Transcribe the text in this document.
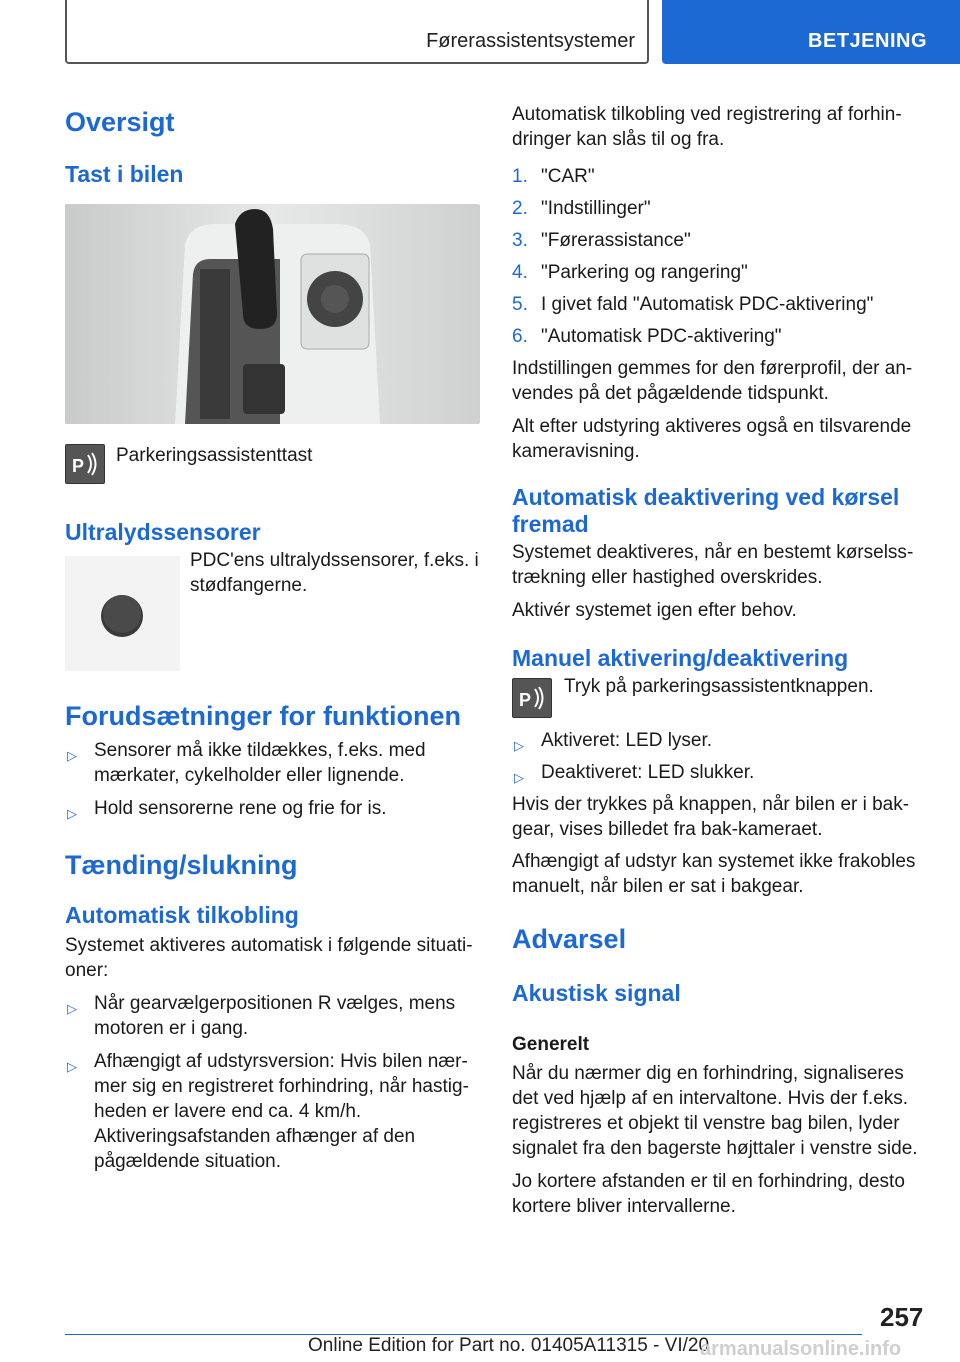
Førerassistentsystemer	BETJENING
Oversigt
Tast i bilen
P Parkeringsassistenttast
Ultralydssensorer

PDC'ens ultralydssensorer, f.eks. i stødfangerne.

Forudsætninger for funktionen
▷ Sensorer må ikke tildækkes, f.eks. med mærkater, cykelholder eller lignende.
▷ Hold sensorerne rene og frie for is.
Tænding/slukning
Automatisk tilkobling

Systemet aktiveres automatisk i følgende situationer:

▷ Når gearvælgerpositionen R vælges, mens motoren er i gang.
▷ Afhængigt af udstyrsversion: Hvis bilen nærmer sig en registreret forhindring, når hastigheden er lavere end ca. 4 km/h. Aktiveringsafstanden afhænger af den pågældende situation.

Automatisk tilkobling ved registrering af forhindringer kan slås til og fra.

1. "CAR"
2. "Indstillinger"
3. "Førerassistance"
4. "Parkering og rangering"
5. I givet fald "Automatisk PDC-aktivering"
6. "Automatisk PDC-aktivering"

Indstillingen gemmes for den førerprofil, der anvendes på det pågældende tidspunkt.

Alt efter udstyring aktiveres også en tilsvarende kameravisning.

Automatisk deaktivering ved kørsel fremad

Systemet deaktiveres, når en bestemt kørselsstrækning eller hastighed overskrides.

Aktivér systemet igen efter behov.

Manuel aktivering/deaktivering
P
Tryk på parkeringsassistentknappen.
▷ Aktiveret: LED lyser.
▷ Deaktiveret: LED slukker.

Hvis der trykkes på knappen, når bilen er i bakgear, vises billedet fra bak-kameraet.

Afhængigt af udstyr kan systemet ikke frakobles manuelt, når bilen er sat i bakgear.

Advarsel
Akustisk signal
Generelt

Når du nærmer dig en forhindring, signaliseres det ved hjælp af en intervaltone. Hvis der f.eks. registreres et objekt til venstre bag bilen, lyder signalet fra den bagerste højttaler i venstre side.

Jo kortere afstanden er til en forhindring, desto kortere bliver intervallerne.

257
Online Edition for Part no. 01405A11315 - VI/20
armanualsonline.info
